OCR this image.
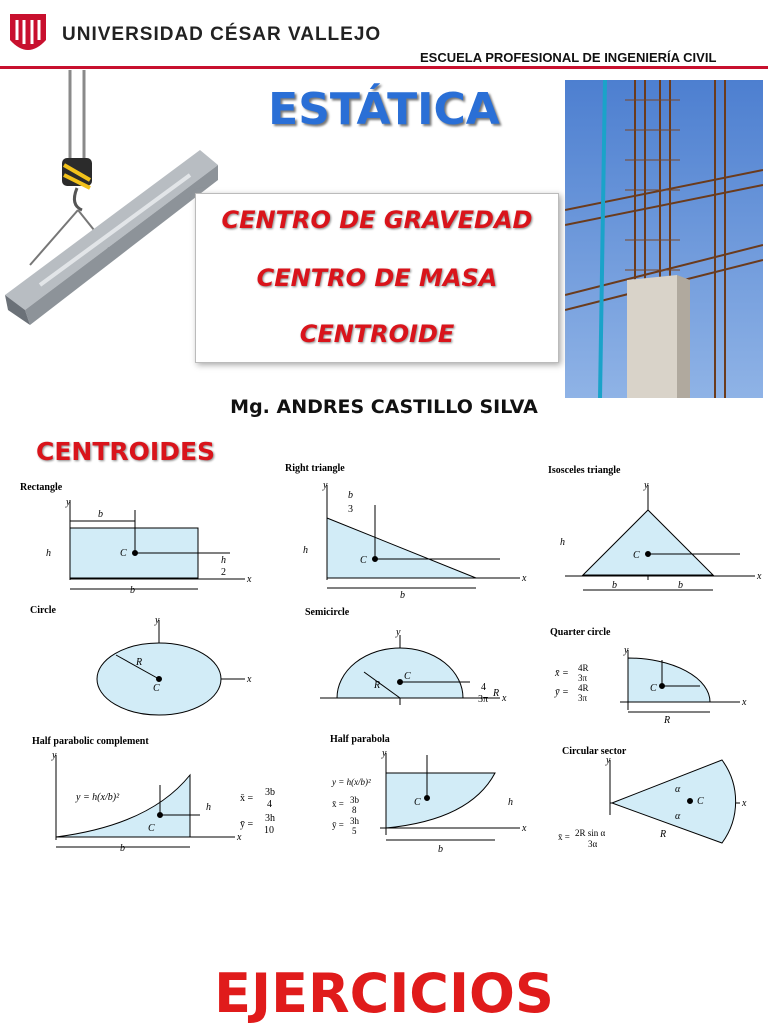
UNIVERSIDAD CÉSAR VALLEJO
ESCUELA PROFESIONAL DE INGENIERÍA CIVIL
ESTÁTICA
CENTRO DE GRAVEDAD
CENTRO DE MASA
CENTROIDE
Mg. ANDRES CASTILLO SILVA
CENTROIDES
Rectangle
y
x
C
b
h
b
h
2
Right triangle
y
x
C
b
h
b
3
Isosceles triangle
y
x
C
h
b	b
Circle
y
x
R
C
Semicircle
y
x
C
R	4
3π
R
Quarter circle
y
x
C
x̄ = 4R
3π
ȳ = 4R
3π
R
Half parabolic complement
y
x
C
y = h(x/b)²
b
h
x̄ =
3b
4
ȳ =
3h
10
Half parabola
y
x
C
y = h(x/b)²
x̄ = 3b
8
ȳ = 3h
5
h
b
Circular sector
y
x
C
α
α
R
x̄ = 2R sin α
3α
EJERCICIOS
